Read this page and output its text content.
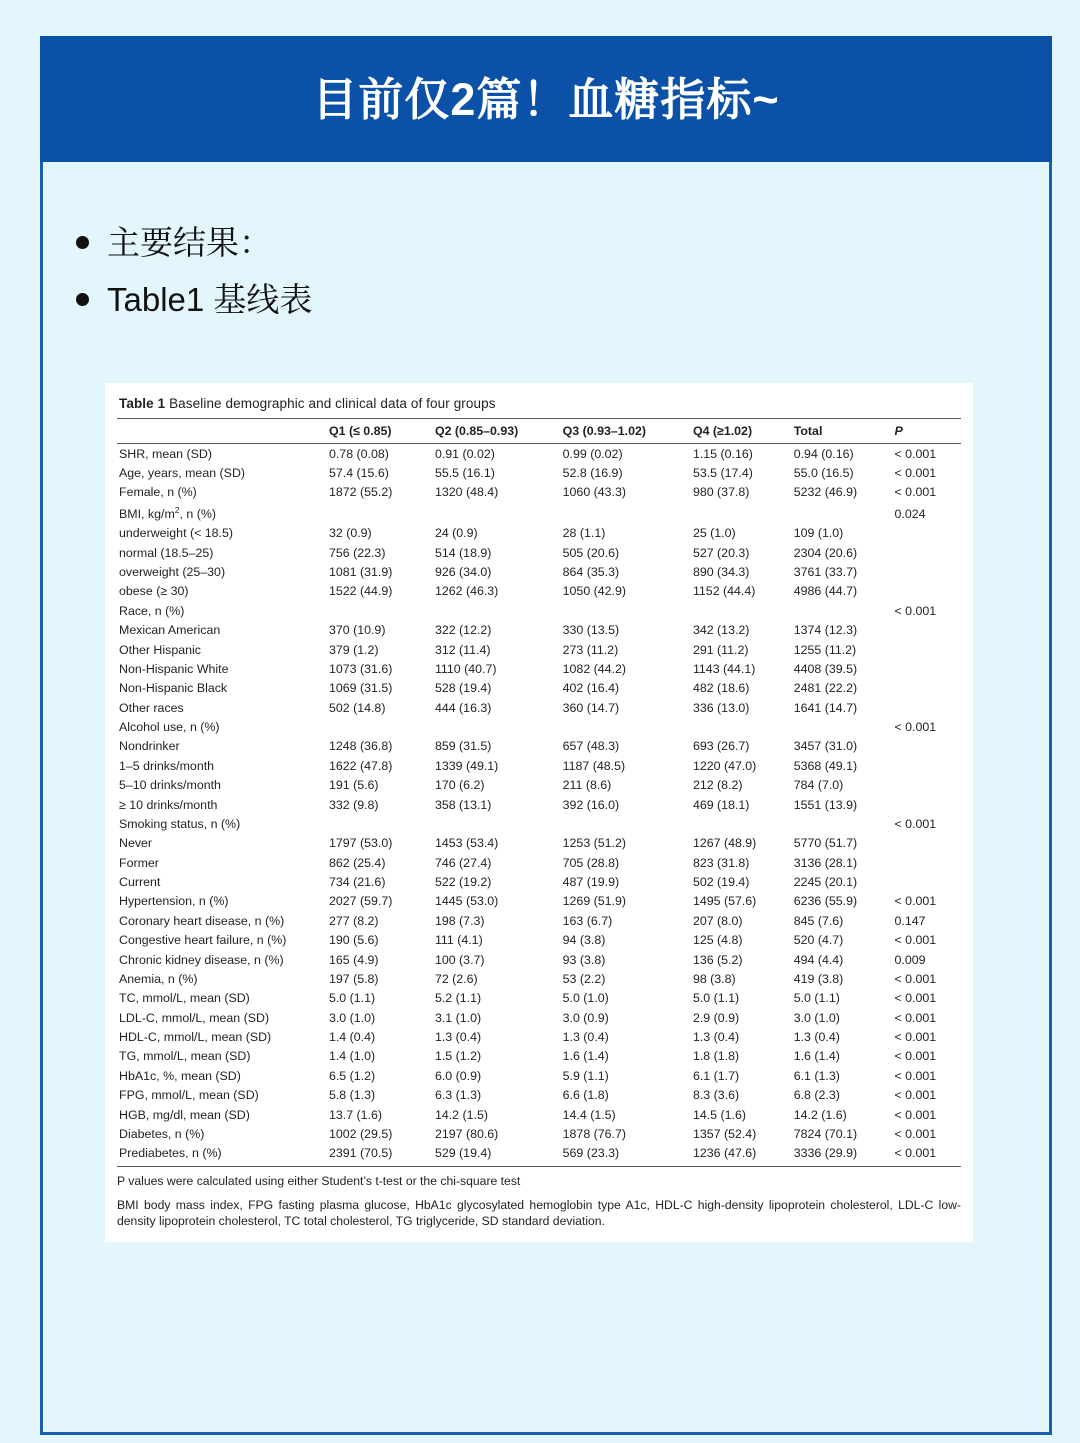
目前仅2篇！血糖指标~
主要结果：
Table1 基线表
Table 1 Baseline demographic and clinical data of four groups
	Q1 (≤ 0.85)	Q2 (0.85–0.93)	Q3 (0.93–1.02)	Q4 (≥1.02)	Total	P
SHR, mean (SD)	0.78 (0.08)	0.91 (0.02)	0.99 (0.02)	1.15 (0.16)	0.94 (0.16)	< 0.001
Age, years, mean (SD)	57.4 (15.6)	55.5 (16.1)	52.8 (16.9)	53.5 (17.4)	55.0 (16.5)	< 0.001
Female, n (%)	1872 (55.2)	1320 (48.4)	1060 (43.3)	980 (37.8)	5232 (46.9)	< 0.001
BMI, $kg/m^2$, n (%)						0.024
underweight (< 18.5)	32 (0.9)	24 (0.9)	28 (1.1)	25 (1.0)	109 (1.0)	
normal (18.5–25)	756 (22.3)	514 (18.9)	505 (20.6)	527 (20.3)	2304 (20.6)	
overweight (25–30)	1081 (31.9)	926 (34.0)	864 (35.3)	890 (34.3)	3761 (33.7)	
obese (≥ 30)	1522 (44.9)	1262 (46.3)	1050 (42.9)	1152 (44.4)	4986 (44.7)	
Race, n (%)						< 0.001
Mexican American	370 (10.9)	322 (12.2)	330 (13.5)	342 (13.2)	1374 (12.3)	
Other Hispanic	379 (1.2)	312 (11.4)	273 (11.2)	291 (11.2)	1255 (11.2)	
Non-Hispanic White	1073 (31.6)	1110 (40.7)	1082 (44.2)	1143 (44.1)	4408 (39.5)	
Non-Hispanic Black	1069 (31.5)	528 (19.4)	402 (16.4)	482 (18.6)	2481 (22.2)	
Other races	502 (14.8)	444 (16.3)	360 (14.7)	336 (13.0)	1641 (14.7)	
Alcohol use, n (%)						< 0.001
Nondrinker	1248 (36.8)	859 (31.5)	657 (48.3)	693 (26.7)	3457 (31.0)	
1–5 drinks/month	1622 (47.8)	1339 (49.1)	1187 (48.5)	1220 (47.0)	5368 (49.1)	
5–10 drinks/month	191 (5.6)	170 (6.2)	211 (8.6)	212 (8.2)	784 (7.0)	
≥ 10 drinks/month	332 (9.8)	358 (13.1)	392 (16.0)	469 (18.1)	1551 (13.9)	
Smoking status, n (%)						< 0.001
Never	1797 (53.0)	1453 (53.4)	1253 (51.2)	1267 (48.9)	5770 (51.7)	
Former	862 (25.4)	746 (27.4)	705 (28.8)	823 (31.8)	3136 (28.1)	
Current	734 (21.6)	522 (19.2)	487 (19.9)	502 (19.4)	2245 (20.1)	
Hypertension, n (%)	2027 (59.7)	1445 (53.0)	1269 (51.9)	1495 (57.6)	6236 (55.9)	< 0.001
Coronary heart disease, n (%)	277 (8.2)	198 (7.3)	163 (6.7)	207 (8.0)	845 (7.6)	0.147
Congestive heart failure, n (%)	190 (5.6)	111 (4.1)	94 (3.8)	125 (4.8)	520 (4.7)	< 0.001
Chronic kidney disease, n (%)	165 (4.9)	100 (3.7)	93 (3.8)	136 (5.2)	494 (4.4)	0.009
Anemia, n (%)	197 (5.8)	72 (2.6)	53 (2.2)	98 (3.8)	419 (3.8)	< 0.001
TC, mmol/L, mean (SD)	5.0 (1.1)	5.2 (1.1)	5.0 (1.0)	5.0 (1.1)	5.0 (1.1)	< 0.001
LDL-C, mmol/L, mean (SD)	3.0 (1.0)	3.1 (1.0)	3.0 (0.9)	2.9 (0.9)	3.0 (1.0)	< 0.001
HDL-C, mmol/L, mean (SD)	1.4 (0.4)	1.3 (0.4)	1.3 (0.4)	1.3 (0.4)	1.3 (0.4)	< 0.001
TG, mmol/L, mean (SD)	1.4 (1.0)	1.5 (1.2)	1.6 (1.4)	1.8 (1.8)	1.6 (1.4)	< 0.001
HbA1c, %, mean (SD)	6.5 (1.2)	6.0 (0.9)	5.9 (1.1)	6.1 (1.7)	6.1 (1.3)	< 0.001
FPG, mmol/L, mean (SD)	5.8 (1.3)	6.3 (1.3)	6.6 (1.8)	8.3 (3.6)	6.8 (2.3)	< 0.001
HGB, mg/dl, mean (SD)	13.7 (1.6)	14.2 (1.5)	14.4 (1.5)	14.5 (1.6)	14.2 (1.6)	< 0.001
Diabetes, n (%)	1002 (29.5)	2197 (80.6)	1878 (76.7)	1357 (52.4)	7824 (70.1)	< 0.001
Prediabetes, n (%)	2391 (70.5)	529 (19.4)	569 (23.3)	1236 (47.6)	3336 (29.9)	< 0.001
P values were calculated using either Student’s t-test or the chi-square test
BMI body mass index, FPG fasting plasma glucose, HbA1c glycosylated hemoglobin type A1c, HDL-C high-density lipoprotein cholesterol, LDL-C low-density lipoprotein cholesterol, TC total cholesterol, TG triglyceride, SD standard deviation.
